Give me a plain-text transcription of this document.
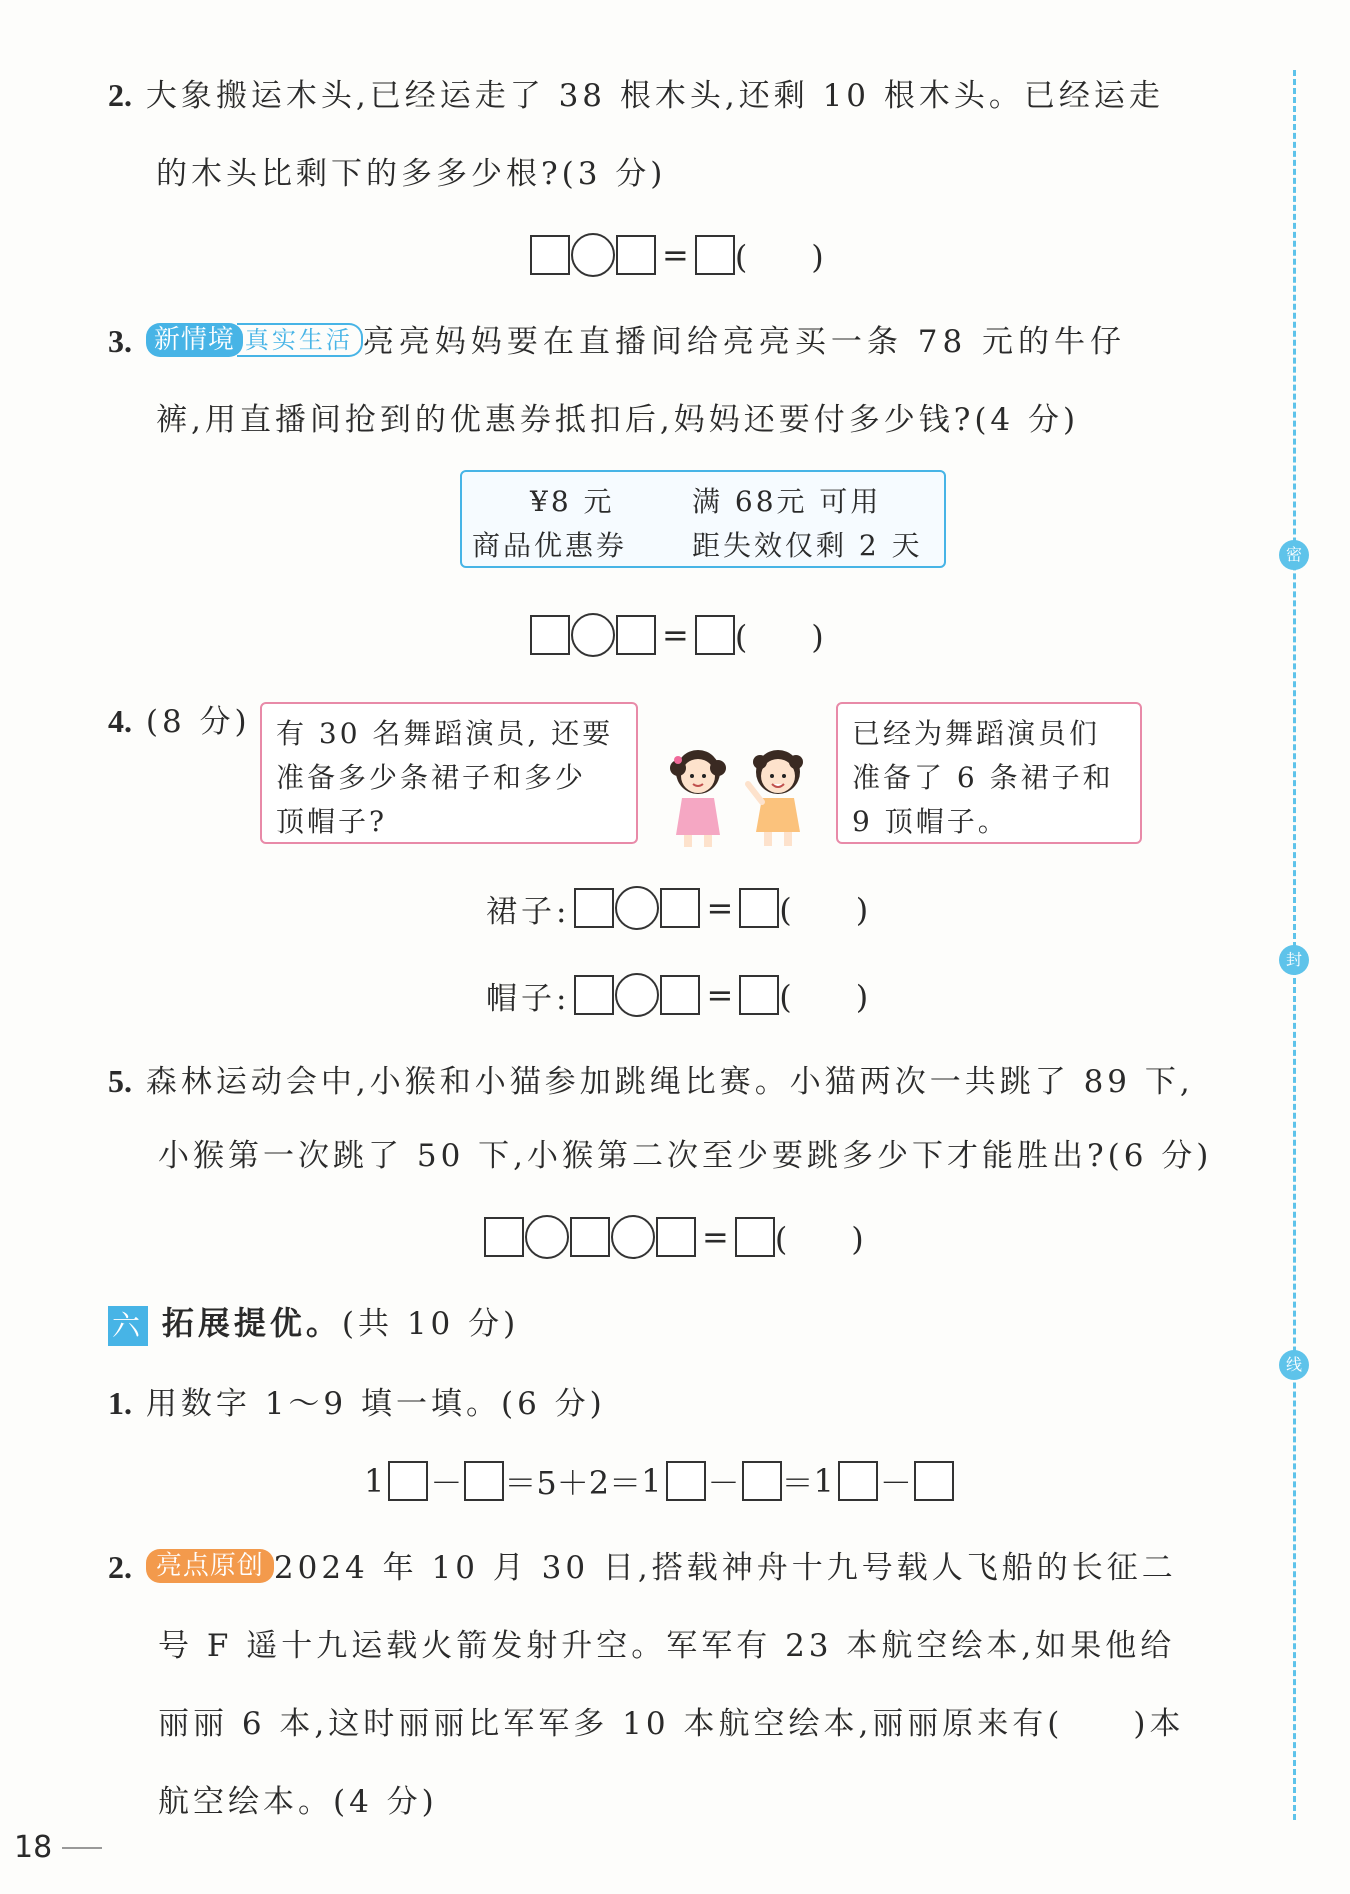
2. 大象搬运木头,已经运走了 38 根木头,还剩 10 根木头。已经运走
的木头比剩下的多多少根?(3 分)
= (　　)
3. 新情境 真实生活 亮亮妈妈要在直播间给亮亮买一条 78 元的牛仔
裤,用直播间抢到的优惠券抵扣后,妈妈还要付多少钱?(4 分)
¥8 元
商品优惠券
满 68元 可用
距失效仅剩 2 天
= (　　)
4. (8 分) 有 30 名舞蹈演员, 还要
准备多少条裙子和多少
顶帽子?
已经为舞蹈演员们
准备了 6 条裙子和
9 顶帽子。
裙子:	= (　　)
帽子:	= (　　)
5. 森林运动会中,小猴和小猫参加跳绳比赛。小猫两次一共跳了 89 下,
小猴第一次跳了 50 下,小猴第二次至少要跳多少下才能胜出?(6 分)
= (　　)
六 拓展提优。(共 10 分)
1. 用数字 1～9 填一填。(6 分)
1 － ＝ 5＋2 ＝ 1 － ＝ 1 －
2. 亮点原创 2024 年 10 月 30 日,搭载神舟十九号载人飞船的长征二
号 F 遥十九运载火箭发射升空。军军有 23 本航空绘本,如果他给
丽丽 6 本,这时丽丽比军军多 10 本航空绘本,丽丽原来有(　　)本
航空绘本。(4 分)
18
密
封
线
